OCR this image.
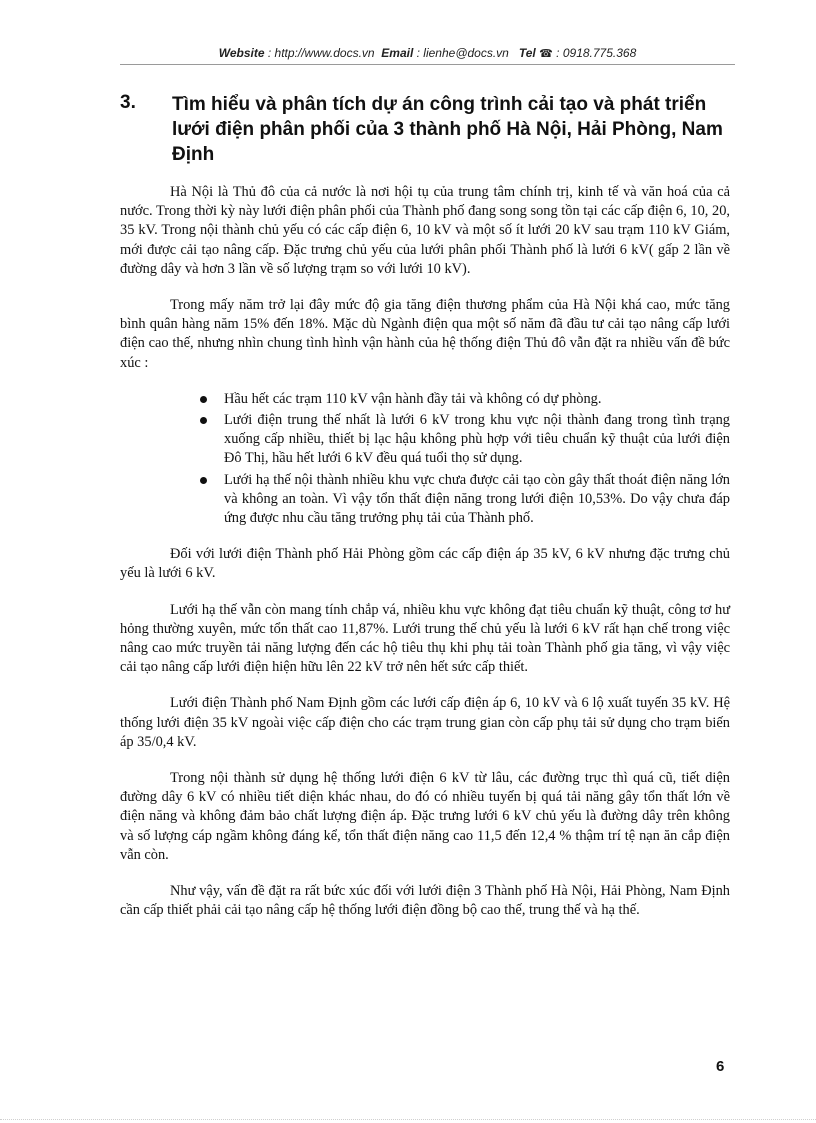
Website : http://www.docs.vn Email : lienhe@docs.vn Tel ☎ : 0918.775.368
3. Tìm hiểu và phân tích dự án công trình cải tạo và phát triển lưới điện phân phối của 3 thành phố Hà Nội, Hải Phòng, Nam Định

Hà Nội là Thủ đô của cả nước là nơi hội tụ của trung tâm chính trị, kinh tế và văn hoá của cả nước. Trong thời kỳ này lưới điện phân phối của Thành phố đang song song tồn tại các cấp điện 6, 10, 20, 35 kV. Trong nội thành chủ yếu có các cấp điện 6, 10 kV và một số ít lưới 20 kV sau trạm 110 kV Giám, mới được cải tạo nâng cấp. Đặc trưng chủ yếu của lưới phân phối Thành phố là lưới 6 kV( gấp 2 lần về đường dây và hơn 3 lần về số lượng trạm so với lưới 10 kV).

Trong mấy năm trở lại đây mức độ gia tăng điện thương phẩm của Hà Nội khá cao, mức tăng bình quân hàng năm 15% đến 18%. Mặc dù Ngành điện qua một số năm đã đầu tư cải tạo nâng cấp lưới điện cao thế, nhưng nhìn chung tình hình vận hành của hệ thống điện Thủ đô vẫn đặt ra nhiều vấn đề bức xúc :

Hầu hết các trạm 110 kV vận hành đầy tải và không có dự phòng.
Lưới điện trung thế nhất là lưới 6 kV trong khu vực nội thành đang trong tình trạng xuống cấp nhiều, thiết bị lạc hậu không phù hợp với tiêu chuẩn kỹ thuật của lưới điện Đô Thị, hầu hết lưới 6 kV đều quá tuổi thọ sử dụng.
Lưới hạ thế nội thành nhiều khu vực chưa được cải tạo còn gây thất thoát điện năng lớn và không an toàn. Vì vậy tổn thất điện năng trong lưới điện 10,53%. Do vậy chưa đáp ứng được nhu cầu tăng trưởng phụ tải của Thành phố.

Đối với lưới điện Thành phố Hải Phòng gồm các cấp điện áp 35 kV, 6 kV nhưng đặc trưng chủ yếu là lưới 6 kV.

Lưới hạ thế vẫn còn mang tính chắp vá, nhiều khu vực không đạt tiêu chuẩn kỹ thuật, công tơ hư hỏng thường xuyên, mức tổn thất cao 11,87%. Lưới trung thế chủ yếu là lưới 6 kV rất hạn chế trong việc nâng cao mức truyền tải năng lượng đến các hộ tiêu thụ khi phụ tải toàn Thành phố gia tăng, vì vậy việc cải tạo nâng cấp lưới điện hiện hữu lên 22 kV trở nên hết sức cấp thiết.

Lưới điện Thành phố Nam Định gồm các lưới cấp điện áp 6, 10 kV và 6 lộ xuất tuyến 35 kV. Hệ thống lưới điện 35 kV ngoài việc cấp điện cho các trạm trung gian còn cấp phụ tải sử dụng cho trạm biến áp 35/0,4 kV.

Trong nội thành sử dụng hệ thống lưới điện 6 kV từ lâu, các đường trục thì quá cũ, tiết diện đường dây 6 kV có nhiều tiết diện khác nhau, do đó có nhiều tuyến bị quá tải năng gây tổn thất lớn về điện năng và không đảm bảo chất lượng điện áp. Đặc trưng lưới 6 kV chủ yếu là đường dây trên không và số lượng cáp ngầm không đáng kể, tổn thất điện năng cao 11,5 đến 12,4 % thậm trí tệ nạn ăn cắp điện vẫn còn.

Như vậy, vấn đề đặt ra rất bức xúc đối với lưới điện 3 Thành phố Hà Nội, Hải Phòng, Nam Định cần cấp thiết phải cải tạo nâng cấp hệ thống lưới điện đồng bộ cao thế, trung thế và hạ thế.

6
